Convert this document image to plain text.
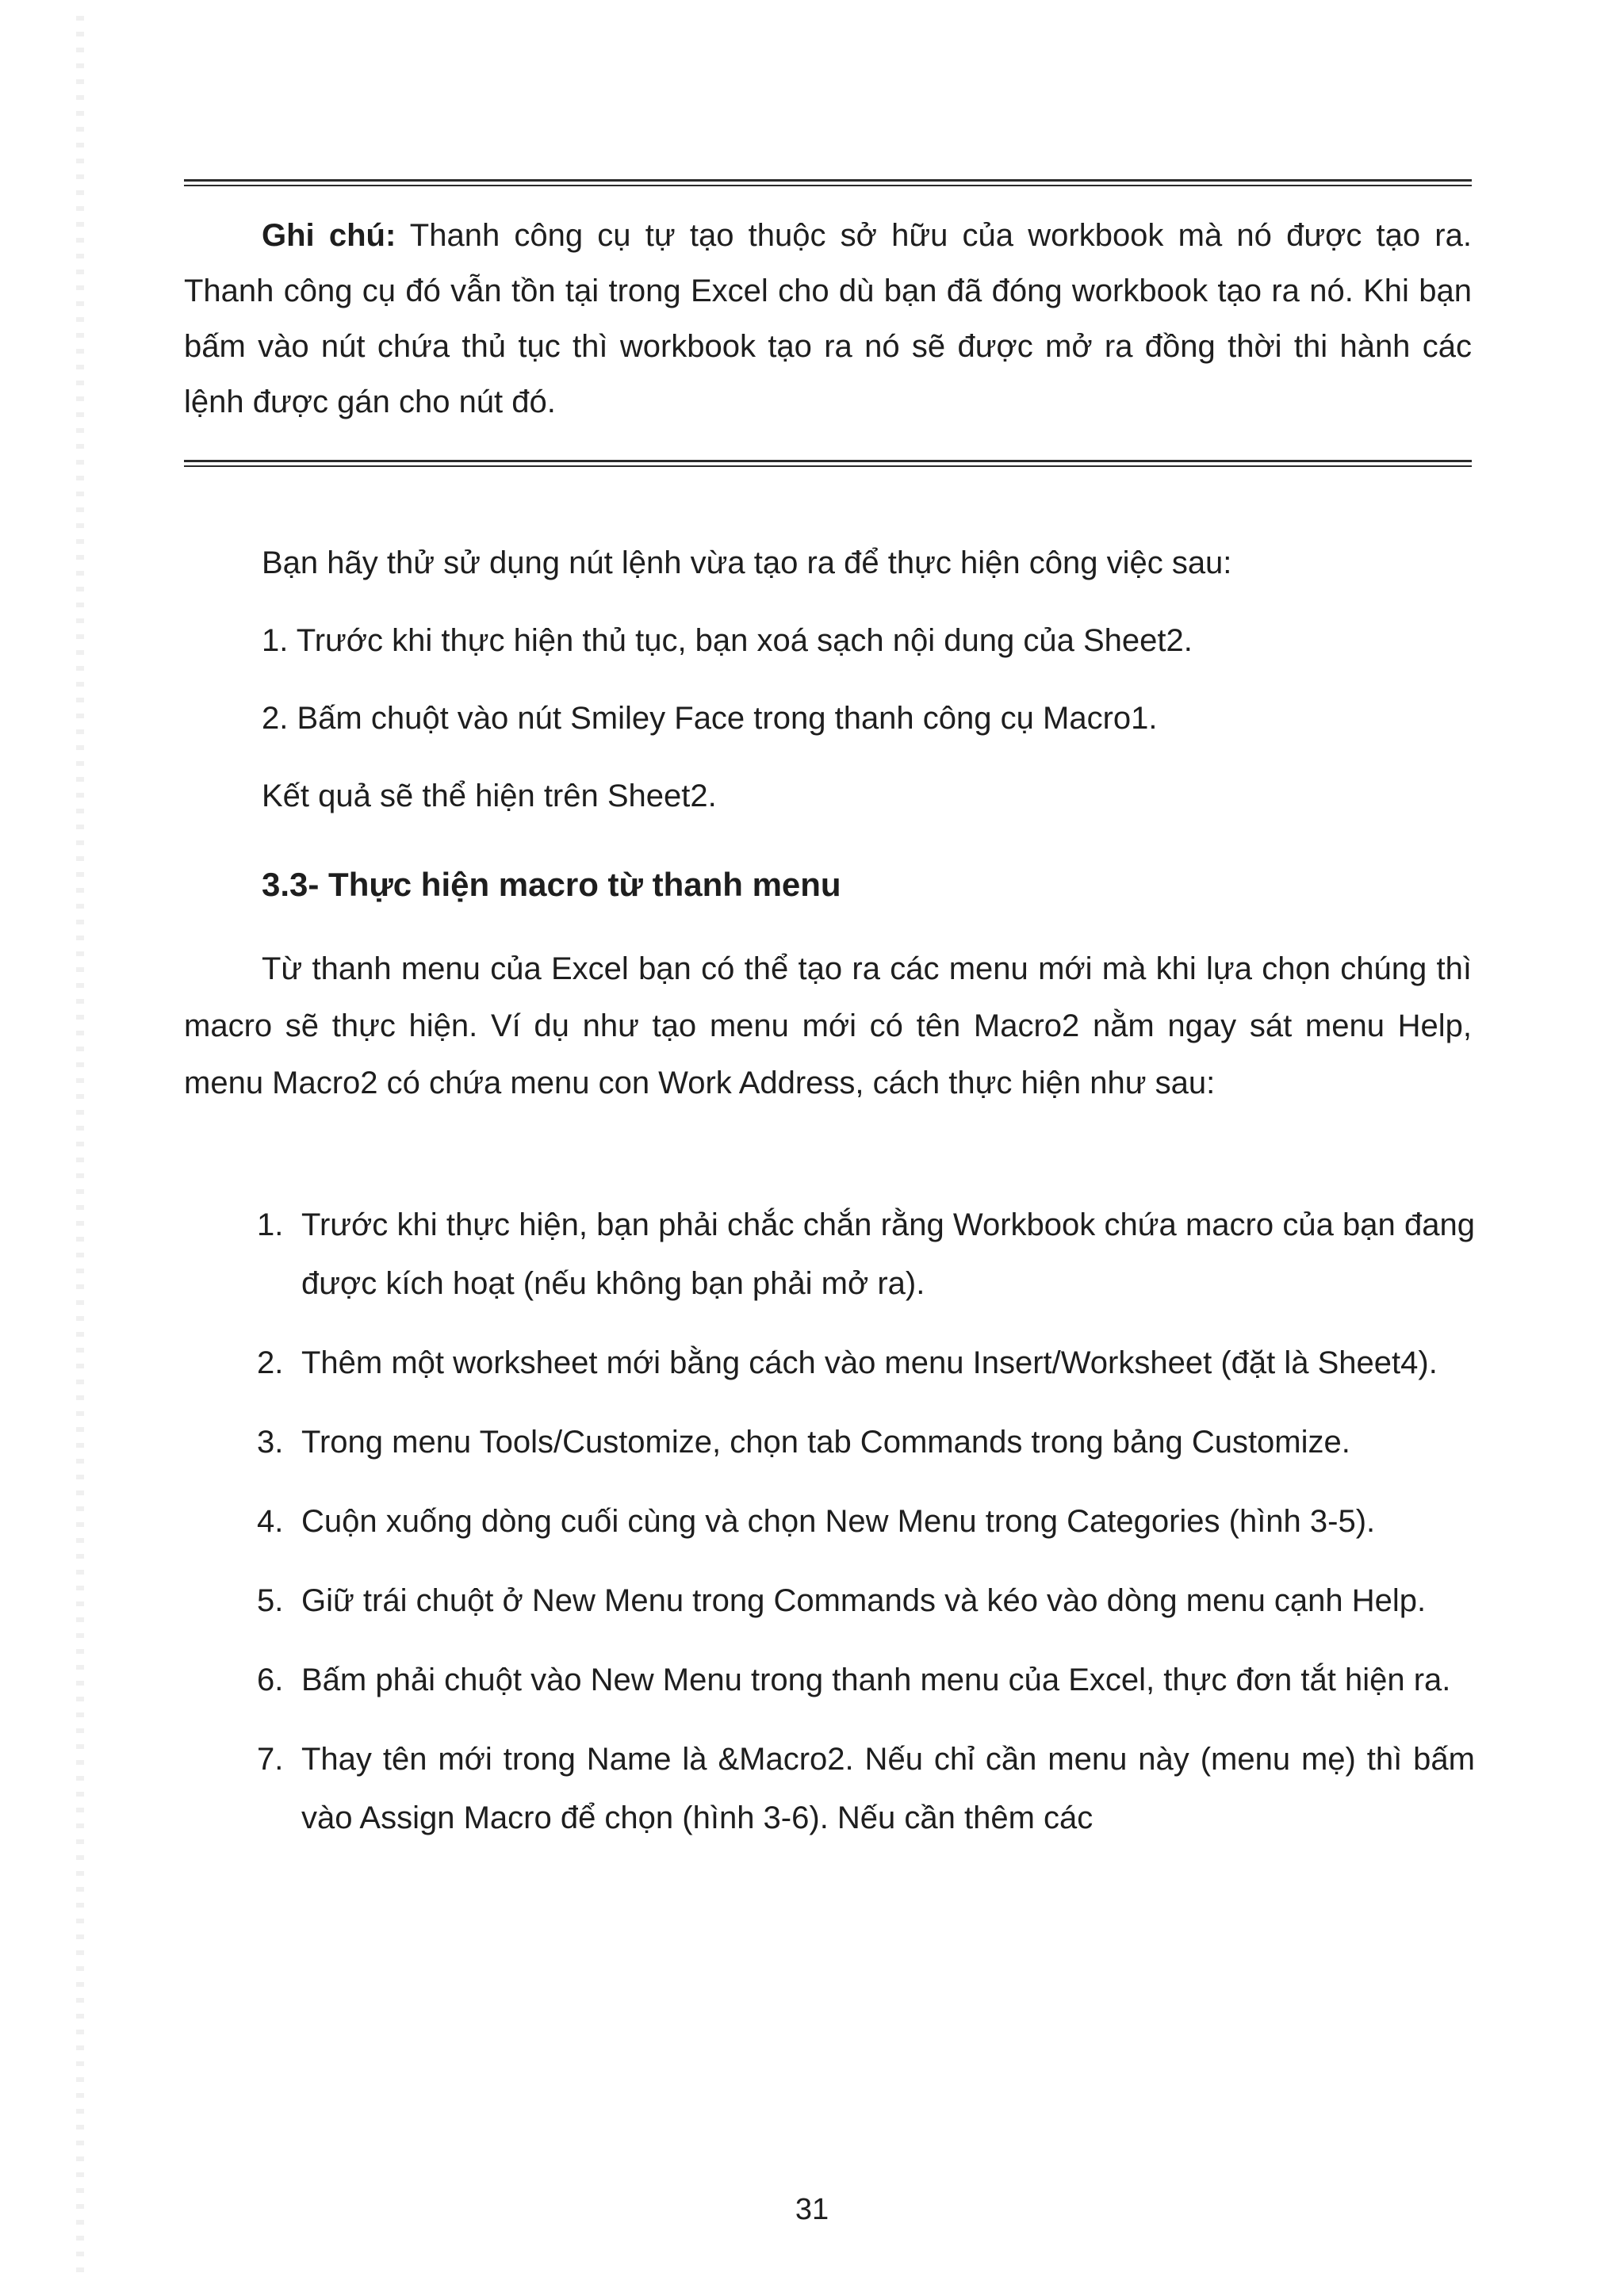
Ghi chú: Thanh công cụ tự tạo thuộc sở hữu của workbook mà nó được tạo ra. Thanh công cụ đó vẫn tồn tại trong Excel cho dù bạn đã đóng workbook tạo ra nó. Khi bạn bấm vào nút chứa thủ tục thì workbook tạo ra nó sẽ được mở ra đồng thời thi hành các lệnh được gán cho nút đó.

Bạn hãy thử sử dụng nút lệnh vừa tạo ra để thực hiện công việc sau:
1. Trước khi thực hiện thủ tục, bạn xoá sạch nội dung của Sheet2.
2. Bấm chuột vào nút Smiley Face trong thanh công cụ Macro1.
Kết quả sẽ thể hiện trên Sheet2.
3.3- Thực hiện macro từ thanh menu
Từ thanh menu của Excel bạn có thể tạo ra các menu mới mà khi lựa chọn chúng thì macro sẽ thực hiện. Ví dụ như tạo menu mới có tên Macro2 nằm ngay sát menu Help, menu Macro2 có chứa menu con Work Address, cách thực hiện như sau:
1. Trước khi thực hiện, bạn phải chắc chắn rằng Workbook chứa macro của bạn đang được kích hoạt (nếu không bạn phải mở ra).
2. Thêm một worksheet mới bằng cách vào menu Insert/Worksheet (đặt là Sheet4).
3. Trong menu Tools/Customize, chọn tab Commands trong bảng Customize.
4. Cuộn xuống dòng cuối cùng và chọn New Menu trong Categories (hình 3-5).
5. Giữ trái chuột ở New Menu trong Commands và kéo vào dòng menu cạnh Help.
6. Bấm phải chuột vào New Menu trong thanh menu của Excel, thực đơn tắt hiện ra.
7. Thay tên mới trong Name là &Macro2. Nếu chỉ cần menu này (menu mẹ) thì bấm vào Assign Macro để chọn (hình 3-6). Nếu cần thêm các
31
